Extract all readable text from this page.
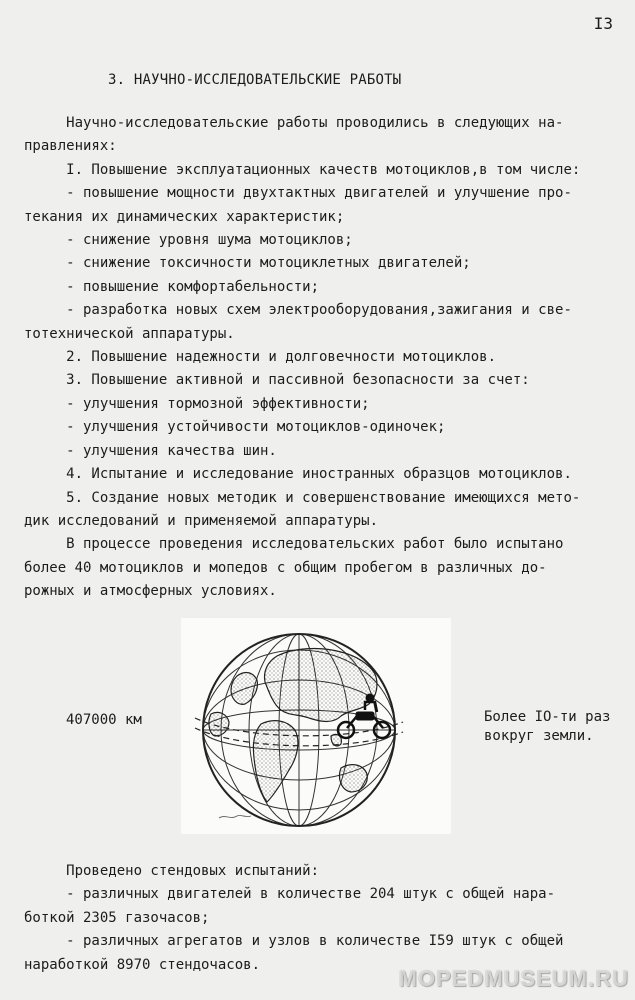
I3
3. НАУЧНО-ИССЛЕДОВАТЕЛЬСКИЕ РАБОТЫ
Научно-исследовательские работы проводились в следующих на-
правлениях:
I. Повышение эксплуатационных качеств мотоциклов,в том числе:
- повышение мощности двухтактных двигателей и улучшение про-
текания их динамических характеристик;
- снижение уровня шума мотоциклов;
- снижение токсичности мотоциклетных двигателей;
- повышение комфортабельности;
- разработка новых схем электрооборудования,зажигания и све-
тотехнической аппаратуры.
2. Повышение надежности и долговечности мотоциклов.
3. Повышение активной и пассивной безопасности за счет:
- улучшения тормозной эффективности;
- улучшения устойчивости мотоциклов-одиночек;
- улучшения качества шин.
4. Испытание и исследование иностранных образцов мотоциклов.
5. Создание новых методик и совершенствование имеющихся мето-
дик исследований и применяемой аппаратуры.
В процессе проведения исследовательских работ было испытано
более 40 мотоциклов и мопедов с общим пробегом в различных до-
рожных и атмосферных условиях.
407000 км	Более IO-ти раз
вокруг земли.
Проведено стендовых испытаний:
- различных двигателей в количестве 204 штук с общей нара-
боткой 2305 газочасов;
- различных агрегатов и узлов в количестве I59 штук с общей
наработкой 8970 стендочасов.
MOPEDMUSEUM.RU
